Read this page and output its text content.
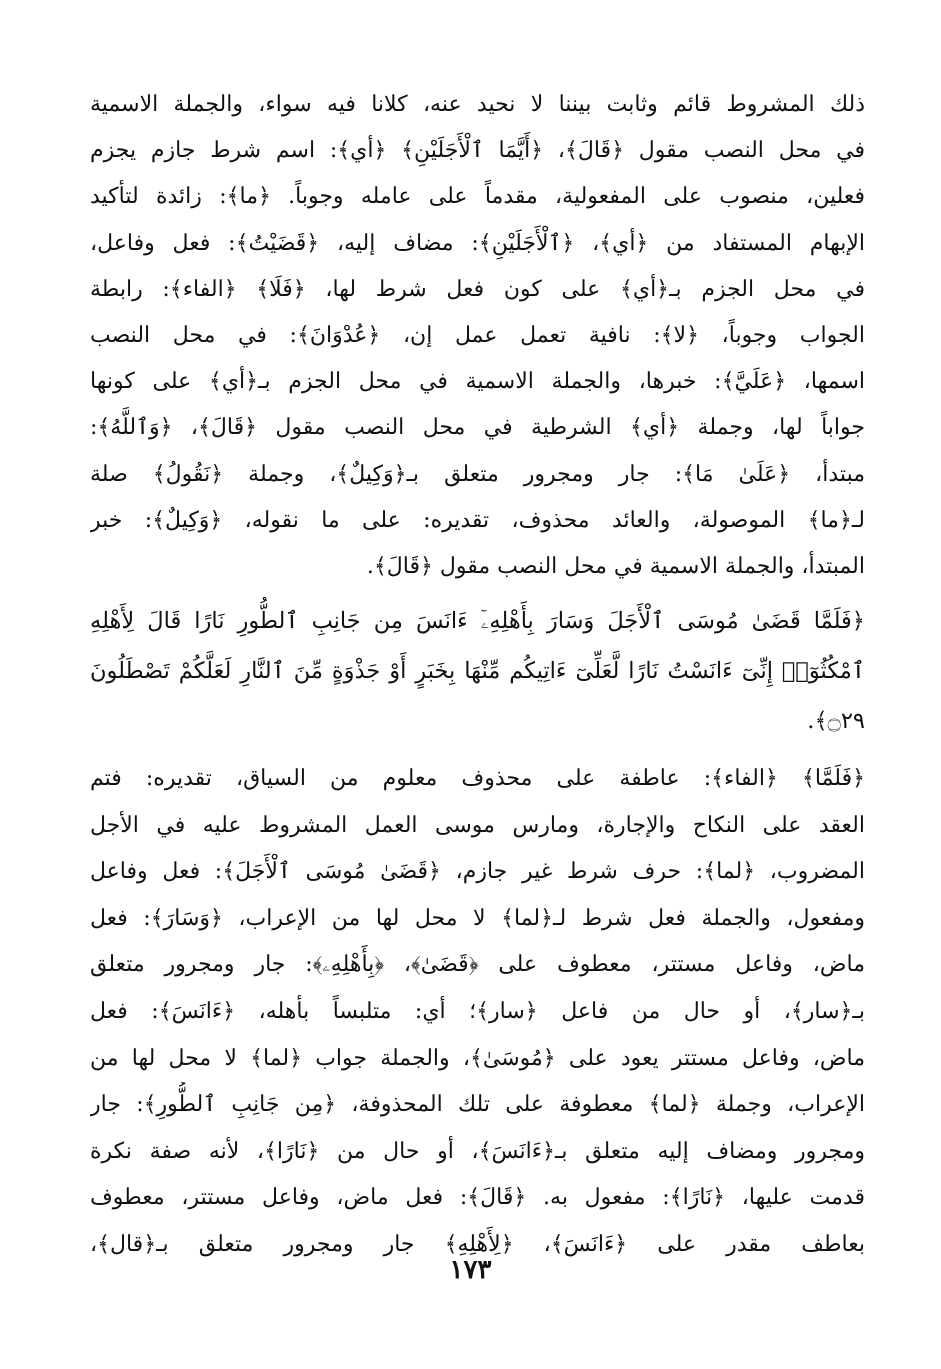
ذلك المشروط قائم وثابت بيننا لا نحيد عنه، كلانا فيه سواء، والجملة الاسمية
في محل النصب مقول ﴿قَالَ﴾، ﴿أَيَّمَا ٱلْأَجَلَيْنِ﴾ ﴿أي﴾: اسم شرط جازم يجزم
فعلين، منصوب على المفعولية، مقدماً على عامله وجوباً. ﴿ما﴾: زائدة لتأكيد
الإبهام المستفاد من ﴿أي﴾، ﴿ٱلْأَجَلَيْنِ﴾: مضاف إليه، ﴿قَضَيْتُ﴾: فعل وفاعل،
في محل الجزم بـ﴿أي﴾ على كون فعل شرط لها، ﴿فَلَا﴾ ﴿الفاء﴾: رابطة
الجواب وجوباً، ﴿لا﴾: نافية تعمل عمل إن، ﴿عُدْوَانَ﴾: في محل النصب
اسمها، ﴿عَلَيَّ﴾: خبرها، والجملة الاسمية في محل الجزم بـ﴿أي﴾ على كونها
جواباً لها، وجملة ﴿أي﴾ الشرطية في محل النصب مقول ﴿قَالَ﴾، ﴿وَٱللَّهُ﴾:
مبتدأ، ﴿عَلَىٰ مَا﴾: جار ومجرور متعلق بـ﴿وَكِيلٌ﴾، وجملة ﴿نَقُولُ﴾ صلة
لـ﴿ما﴾ الموصولة، والعائد محذوف، تقديره: على ما نقوله، ﴿وَكِيلٌ﴾: خبر
المبتدأ، والجملة الاسمية في محل النصب مقول ﴿قَالَ﴾.
﴿فَلَمَّا قَضَىٰ مُوسَى ٱلْأَجَلَ وَسَارَ بِأَهْلِهِۦٓ ءَانَسَ مِن جَانِبِ ٱلطُّورِ نَارًا قَالَ لِأَهْلِهِ
ٱمْكُثُوٓا۟ إِنِّىٓ ءَانَسْتُ نَارًا لَّعَلِّىٓ ءَاتِيكُم مِّنْهَا بِخَبَرٍ أَوْ جَذْوَةٍ مِّنَ ٱلنَّارِ لَعَلَّكُمْ تَصْطَلُونَ
۝٢٩﴾.
﴿فَلَمَّا﴾ ﴿الفاء﴾: عاطفة على محذوف معلوم من السياق، تقديره: فتم
العقد على النكاح والإجارة، ومارس موسى العمل المشروط عليه في الأجل
المضروب، ﴿لما﴾: حرف شرط غير جازم، ﴿قَضَىٰ مُوسَى ٱلْأَجَلَ﴾: فعل وفاعل
ومفعول، والجملة فعل شرط لـ﴿لما﴾ لا محل لها من الإعراب، ﴿وَسَارَ﴾: فعل
ماض، وفاعل مستتر، معطوف على ﴿قَضَىٰ﴾، ﴿بِأَهْلِهِۦ﴾: جار ومجرور متعلق
بـ﴿سار﴾، أو حال من فاعل ﴿سار﴾؛ أي: متلبساً بأهله، ﴿ءَانَسَ﴾: فعل
ماض، وفاعل مستتر يعود على ﴿مُوسَىٰ﴾، والجملة جواب ﴿لما﴾ لا محل لها من
الإعراب، وجملة ﴿لما﴾ معطوفة على تلك المحذوفة، ﴿مِن جَانِبِ ٱلطُّورِ﴾: جار
ومجرور ومضاف إليه متعلق بـ﴿ءَانَسَ﴾، أو حال من ﴿نَارًا﴾، لأنه صفة نكرة
قدمت عليها، ﴿نَارًا﴾: مفعول به. ﴿قَالَ﴾: فعل ماض، وفاعل مستتر، معطوف
بعاطف مقدر على ﴿ءَانَسَ﴾، ﴿لِأَهْلِهِ﴾ جار ومجرور متعلق بـ﴿قال﴾،
١٧٣
